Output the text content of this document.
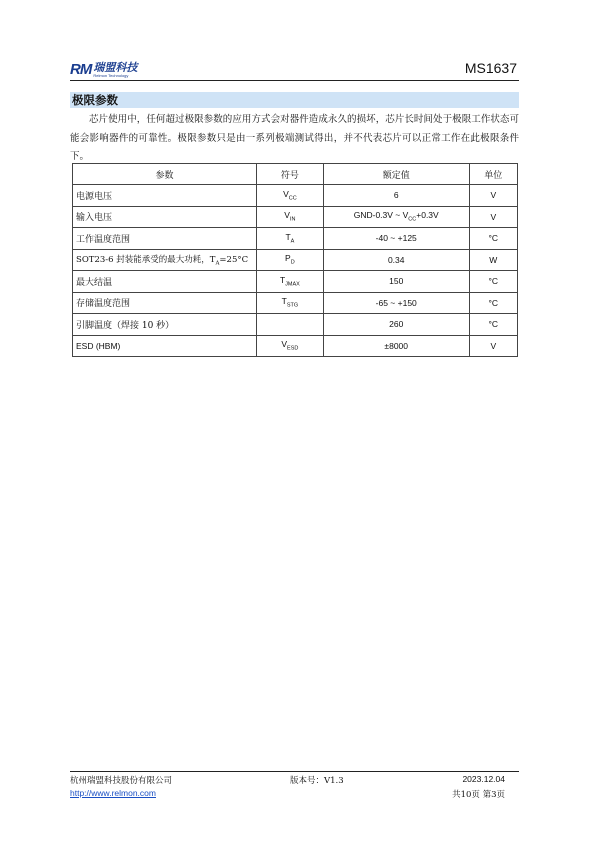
RM 瑞盟科技
Relmon Technology	MS1637
极限参数

芯片使用中，任何超过极限参数的应用方式会对器件造成永久的损坏，芯片长时间处于极限工作状态可能会影响器件的可靠性。极限参数只是由一系列极端测试得出，并不代表芯片可以正常工作在此极限条件下。

参数	符号	额定值	单位
电源电压	$V_{CC}$	6	V
输入电压	$V_{IN}$	GND-0.3V ~ $V_{CC}+0.3V$	V
工作温度范围	$T_A$	-40 ~ +125	°C
SOT23-6 封装能承受的最大功耗，$T_A=25^\circ C$	$P_D$	0.34	W
最大结温	$T_{JMAX}$	150	°C
存储温度范围	$T_{STG}$	-65 ~ +150	°C
引脚温度（焊接 10 秒）		260	°C
ESD (HBM)	$V_{ESD}$	±8000	V
杭州瑞盟科技股份有限公司
http://www.relmon.com
版本号：V1.3	2023.12.04
共10页 第3页
